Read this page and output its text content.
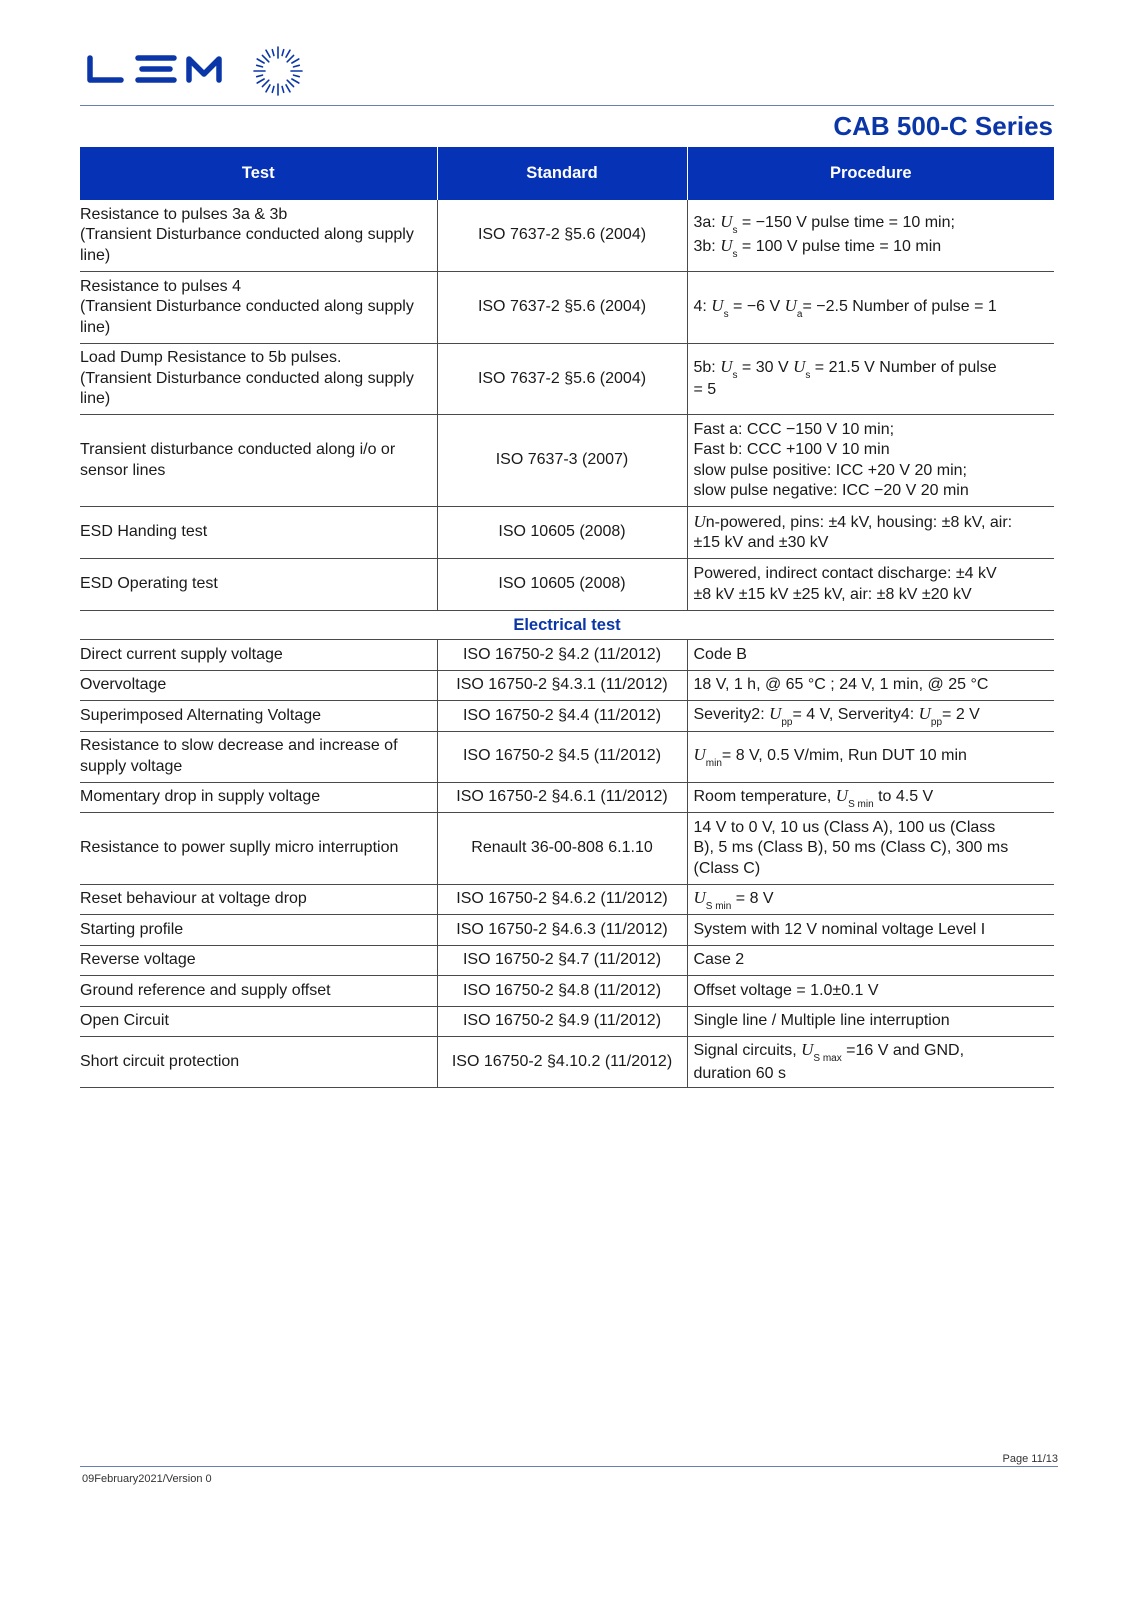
CAB 500-C Series
Test	Standard	Procedure

Resistance to pulses 3a & 3b
(Transient Disturbance conducted along supply
line)	ISO 7637-2 §5.6 (2004)	3a: $U_s = -150$ V pulse time = 10 min;
3b: $U_s = 100$ V pulse time = 10 min

Resistance to pulses 4
(Transient Disturbance conducted along supply
line)	ISO 7637-2 §5.6 (2004)	4: $U_s = -6$ V $U_a= -2.5$ Number of pulse = 1

Load Dump Resistance to 5b pulses.
(Transient Disturbance conducted along supply
line)	ISO 7637-2 §5.6 (2004)	5b: $U_s = 30$ V $U_s = 21.5$ V Number of pulse
= 5

Transient disturbance conducted along i/o or
sensor lines	ISO 7637-3 (2007)	Fast a: CCC −150 V 10 min;
Fast b: CCC +100 V 10 min
slow pulse positive: ICC +20 V 20 min;
slow pulse negative: ICC −20 V 20 min

ESD Handing test	ISO 10605 (2008)	Un-powered, pins: ±4 kV, housing: ±8 kV, air:
±15 kV and ±30 kV

ESD Operating test	ISO 10605 (2008)	Powered, indirect contact discharge: ±4 kV
±8 kV ±15 kV ±25 kV, air: ±8 kV ±20 kV

Electrical test		

Direct current supply voltage	ISO 16750-2 §4.2 (11/2012)	Code B

Overvoltage	ISO 16750-2 §4.3.1 (11/2012)	18 V, 1 h, @ 65 °C ; 24 V, 1 min, @ 25 °C

Superimposed Alternating Voltage	ISO 16750-2 §4.4 (11/2012)	Severity2: $U_{pp}= 4$ V, Serverity4: $U_{pp}= 2$ V

Resistance to slow decrease and increase of
supply voltage	ISO 16750-2 §4.5 (11/2012)	$U_{min}= 8$ V, 0.5 V/mim, Run DUT 10 min

Momentary drop in supply voltage	ISO 16750-2 §4.6.1 (11/2012)	Room temperature, $U_{S min}$ to 4.5 V

Resistance to power suplly micro interruption	Renault 36-00-808 6.1.10	14 V to 0 V, 10 us (Class A), 100 us (Class
B), 5 ms (Class B), 50 ms (Class C), 300 ms
(Class C)

Reset behaviour at voltage drop	ISO 16750-2 §4.6.2 (11/2012)	$U_{S min} = 8$ V

Starting profile	ISO 16750-2 §4.6.3 (11/2012)	System with 12 V nominal voltage Level I

Reverse voltage	ISO 16750-2 §4.7 (11/2012)	Case 2

Ground reference and supply offset	ISO 16750-2 §4.8 (11/2012)	Offset voltage = 1.0±0.1 V

Open Circuit	ISO 16750-2 §4.9 (11/2012)	Single line / Multiple line interruption

Short circuit protection	ISO 16750-2 §4.10.2 (11/2012)	Signal circuits, $U_{S max} =16$ V and GND,
duration 60 s
Page 11/13
09February2021/Version 0
